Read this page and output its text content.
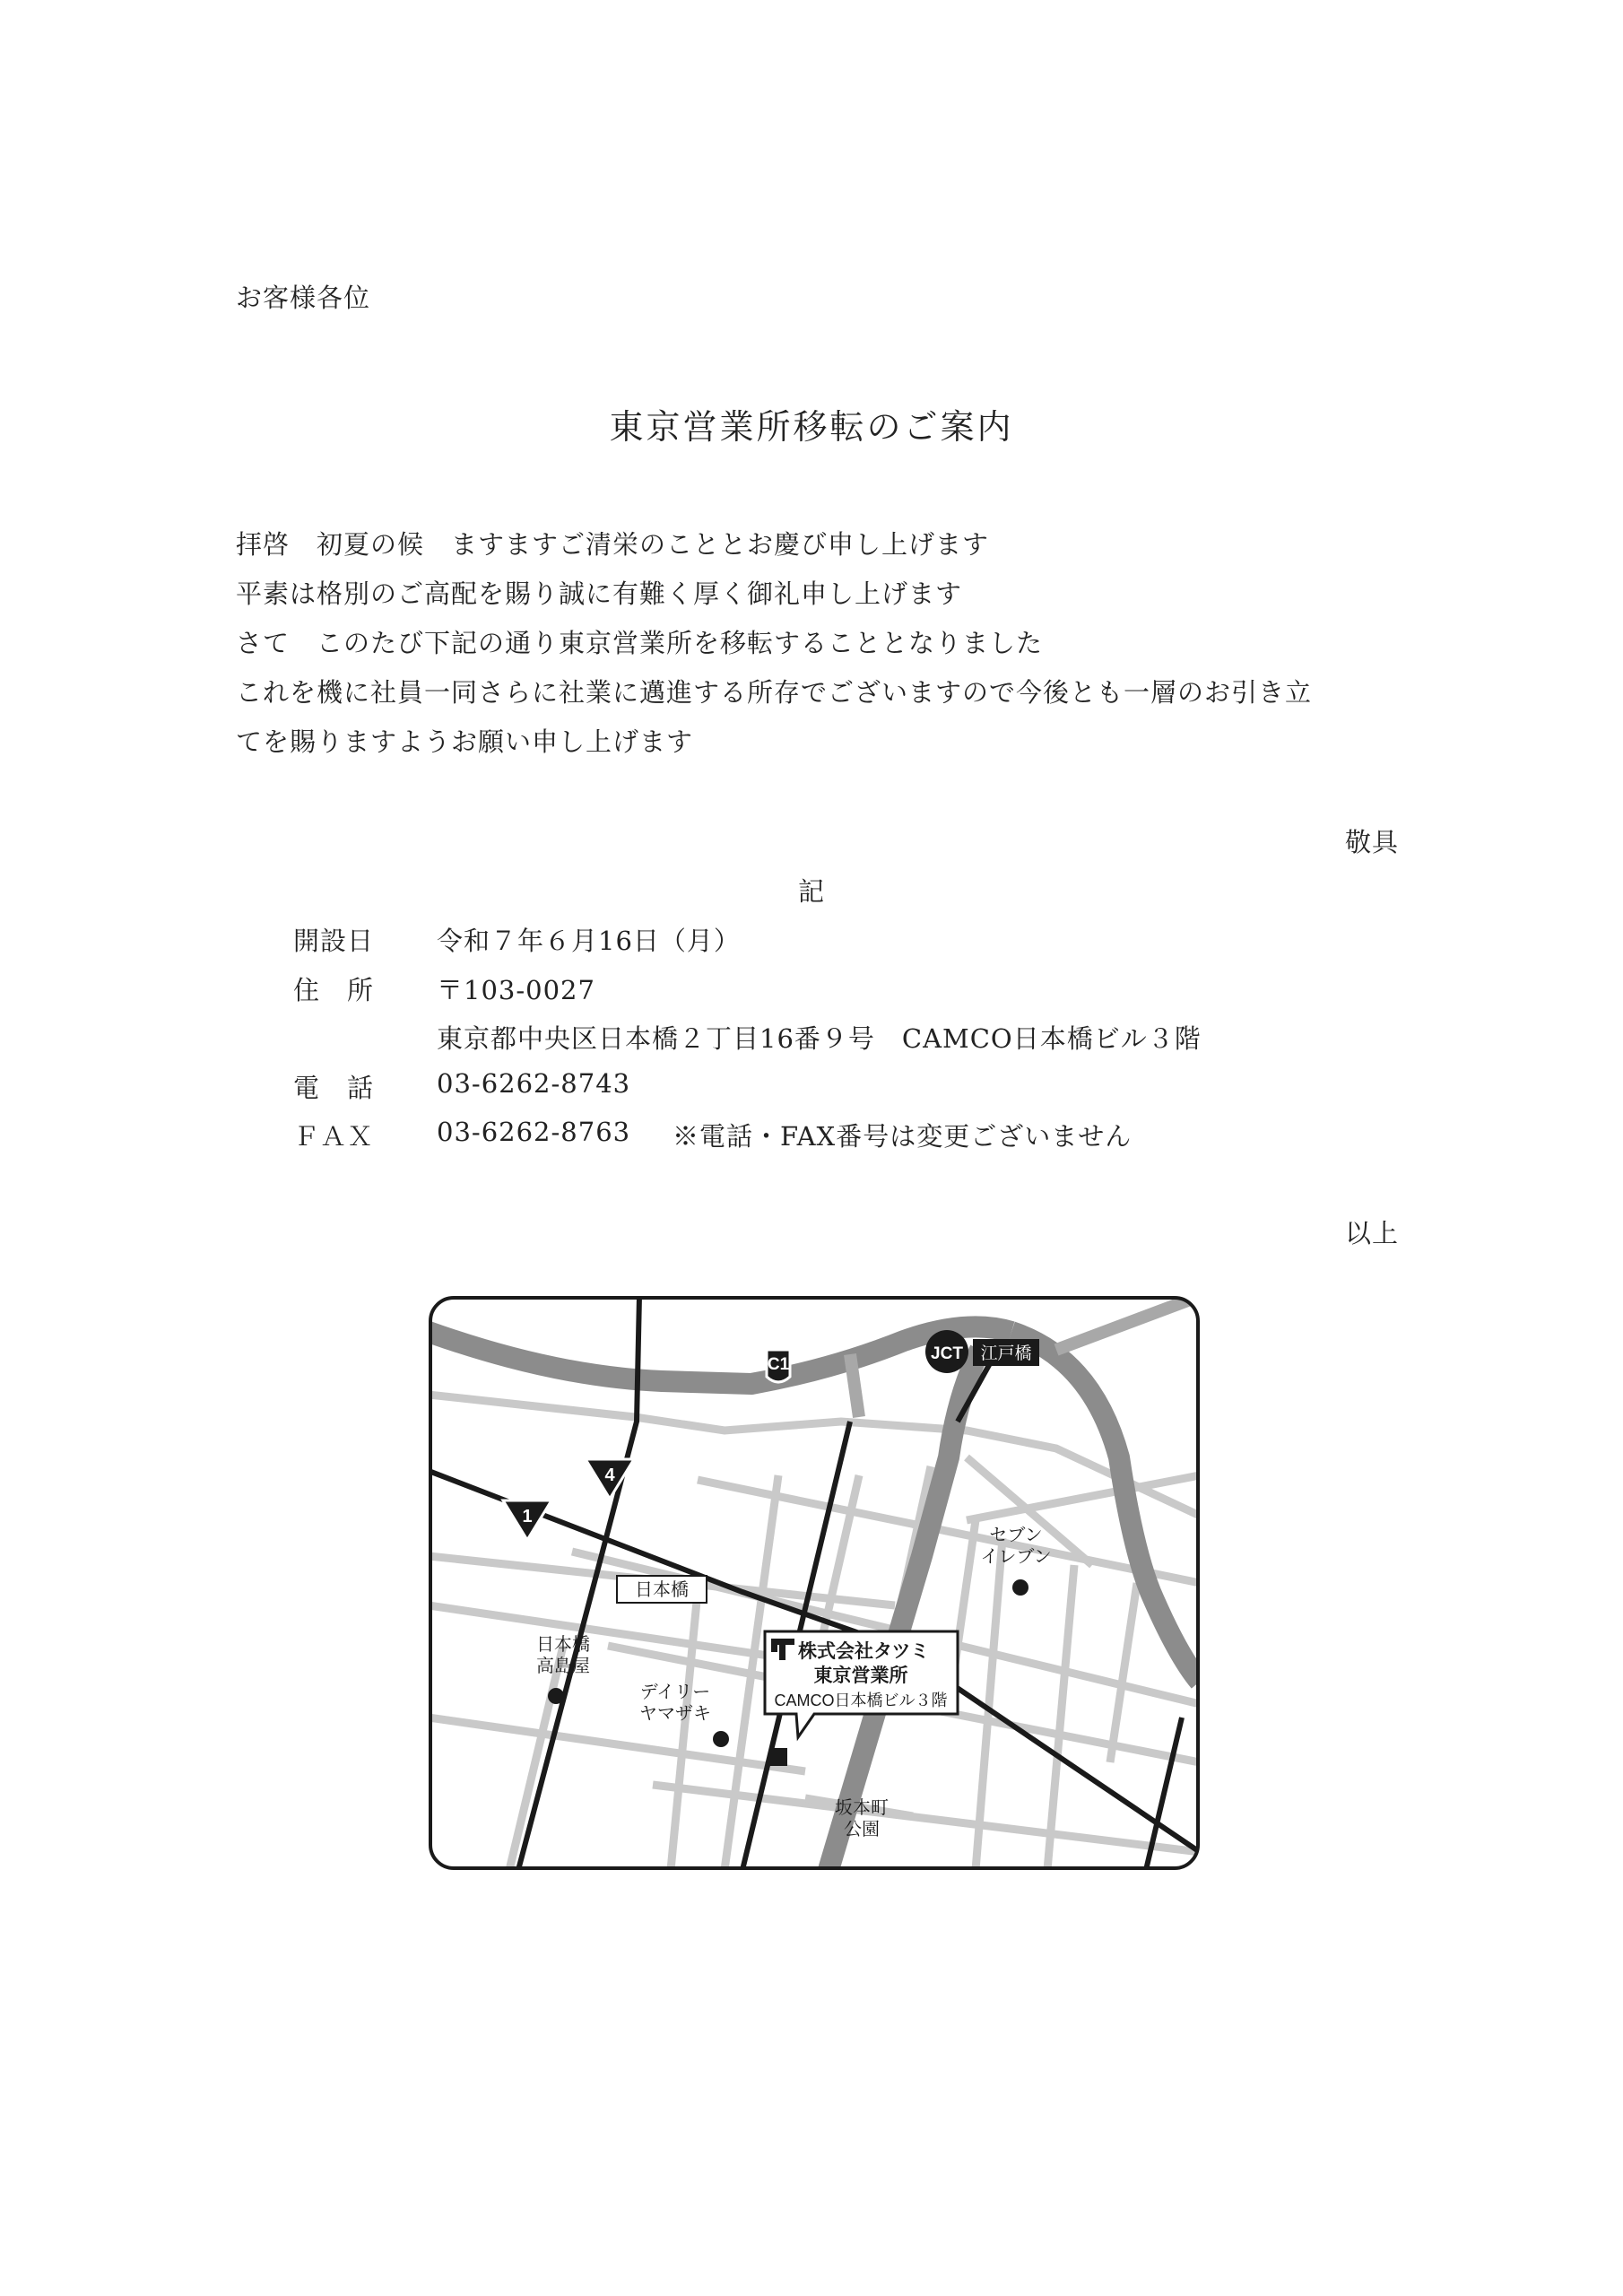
お客様各位
東京営業所移転のご案内
拝啓　初夏の候　ますますご清栄のこととお慶び申し上げます
平素は格別のご高配を賜り誠に有難く厚く御礼申し上げます
さて　このたび下記の通り東京営業所を移転することとなりました
これを機に社員一同さらに社業に邁進する所存でございますので今後とも一層のお引き立
てを賜りますようお願い申し上げます
敬具
記
開設日 令和７年６月16日（月）
住　所 〒103-0027
東京都中央区日本橋２丁目16番９号　CAMCO日本橋ビル３階
電　話 03-6262-8743
ＦＡＸ 03-6262-8763 ※電話・FAX番号は変更ございません
以上
C1
JCT 江戸橋
1
4
日本橋
セブン
イレブン
日本橋
高島屋
デイリー
ヤマザキ
株式会社タツミ
東京営業所
CAMCO日本橋ビル３階
坂本町
公園
